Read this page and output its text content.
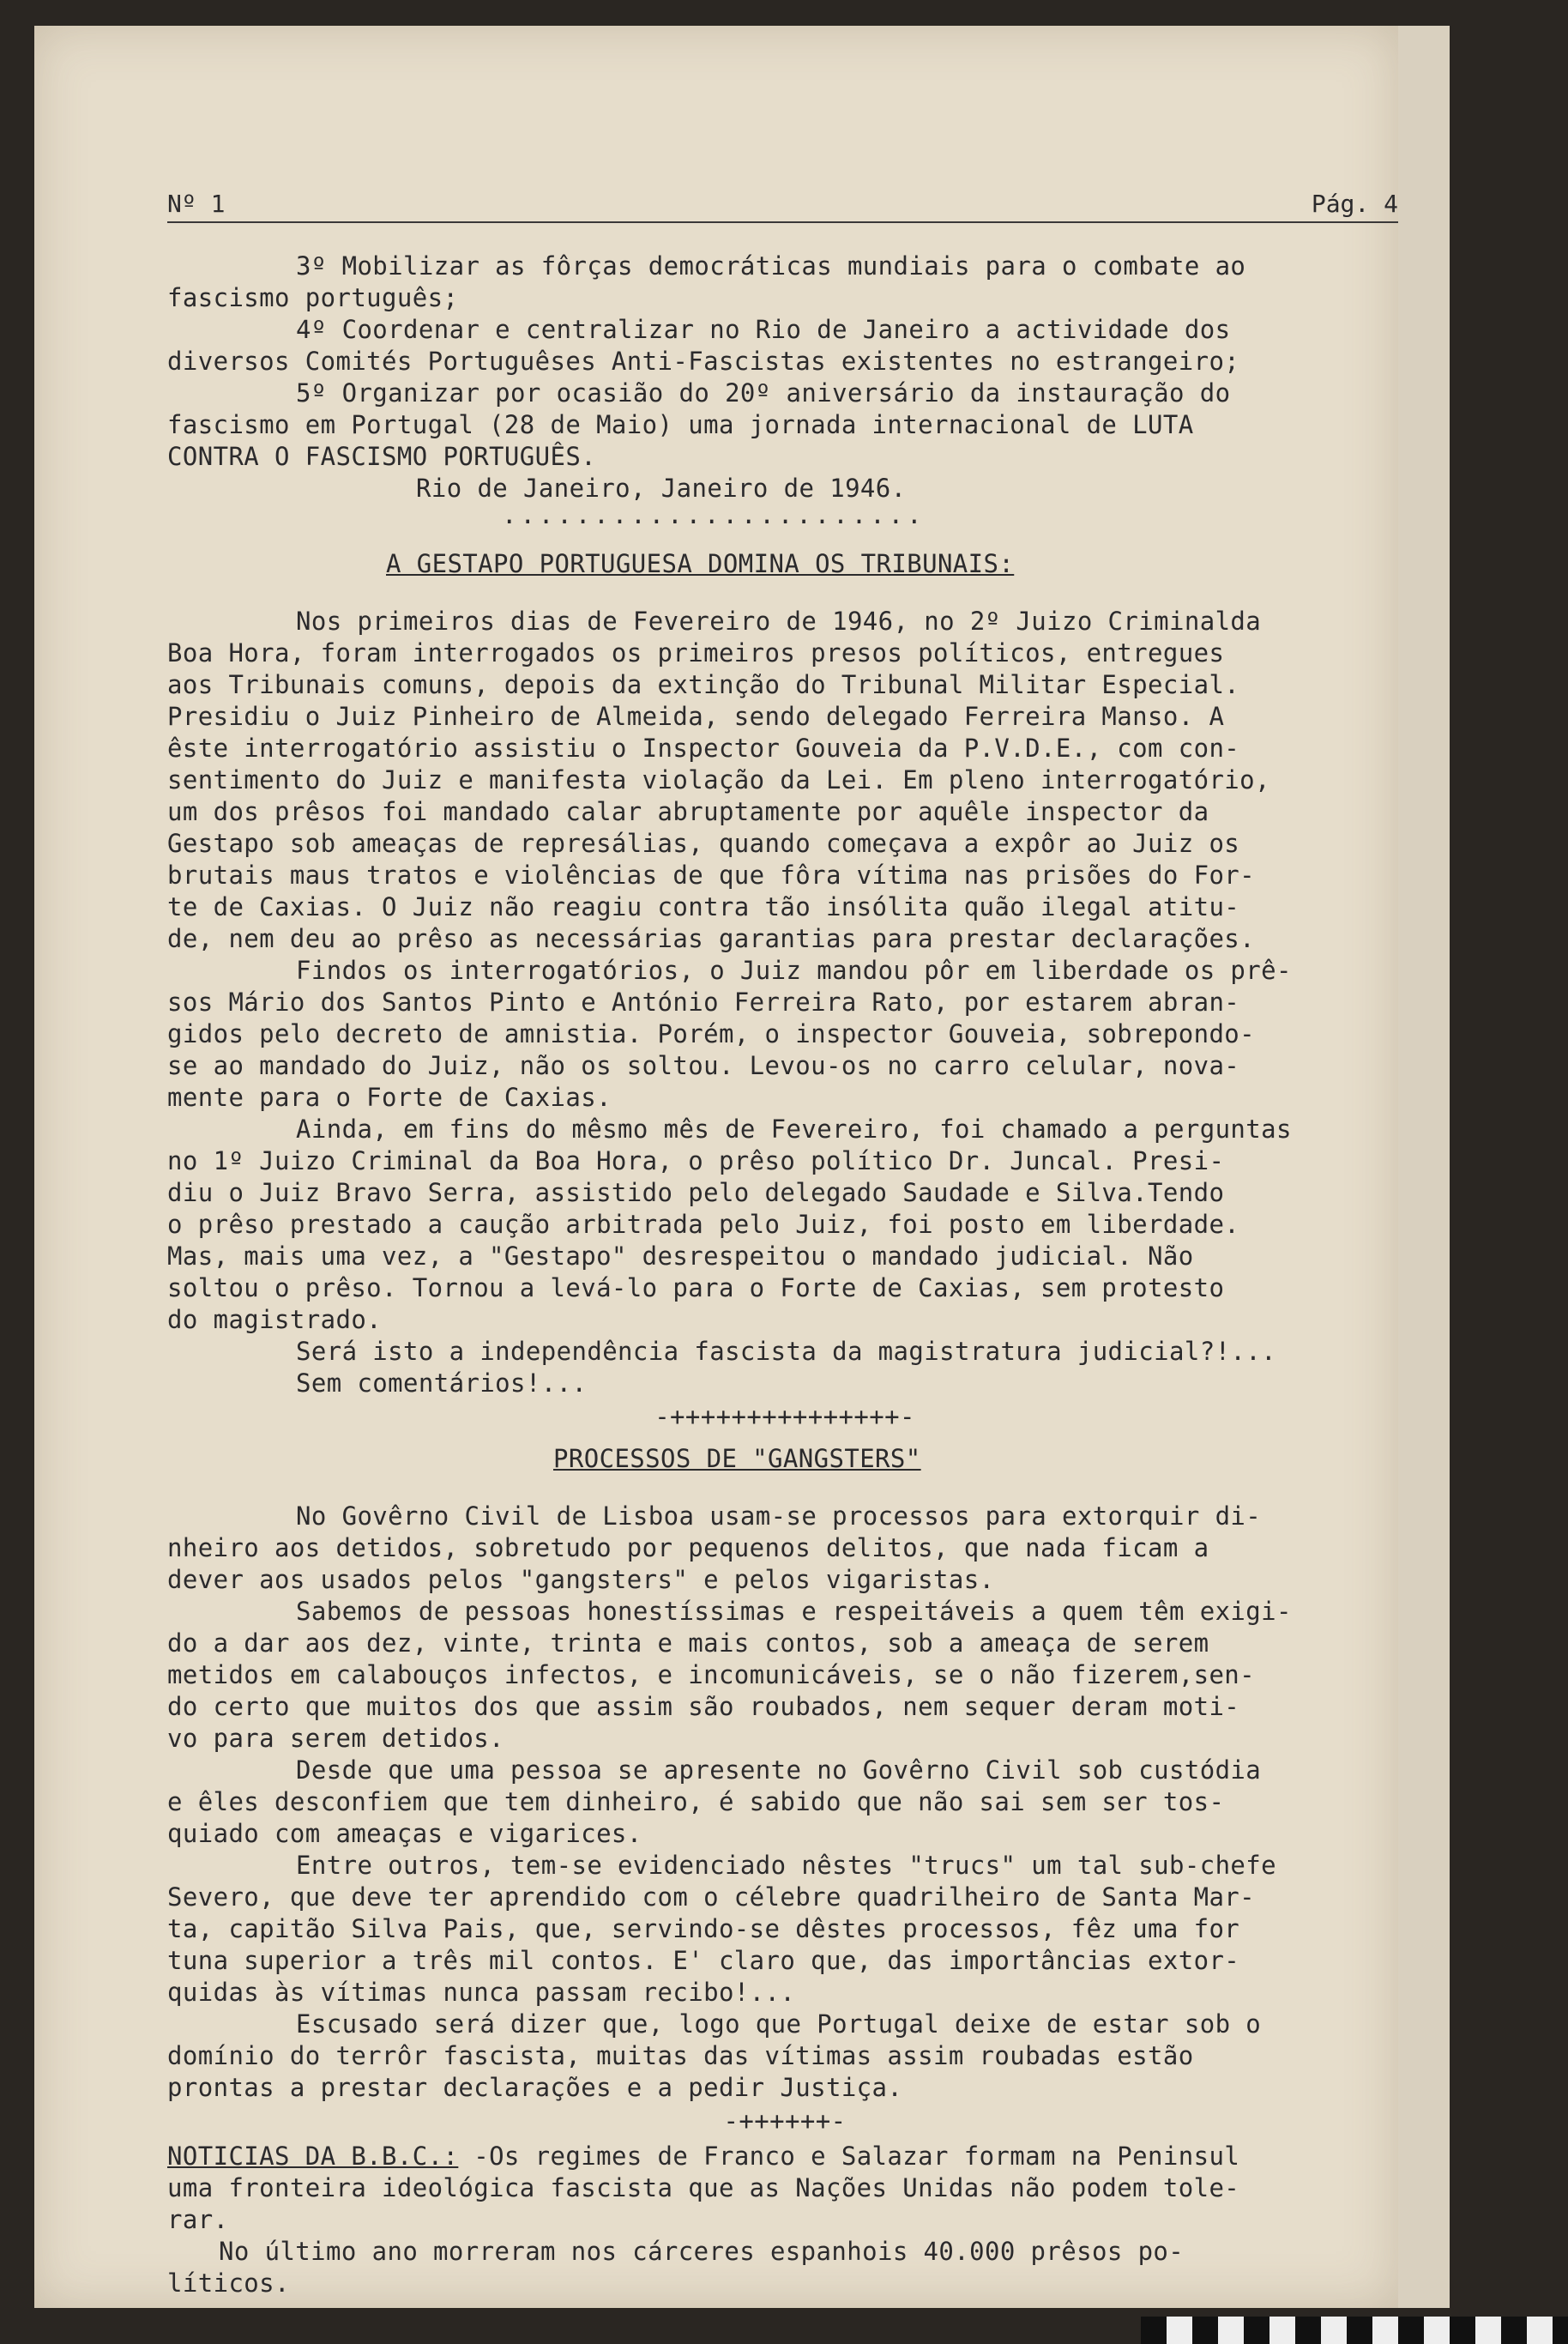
Nº 1	Pág. 4

3º Mobilizar as fôrças democráticas mundiais para o combate ao

fascismo português;

4º Coordenar e centralizar no Rio de Janeiro a actividade dos

diversos Comités Portuguêses Anti-Fascistas existentes no estrangeiro;

5º Organizar por ocasião do 20º aniversário da instauração do

fascismo em Portugal (28 de Maio) uma jornada internacional de LUTA

CONTRA O FASCISMO PORTUGUÊS.

Rio de Janeiro, Janeiro de 1946.

·······················

A GESTAPO PORTUGUESA DOMINA OS TRIBUNAIS:

Nos primeiros dias de Fevereiro de 1946, no 2º Juizo Criminalda

Boa Hora, foram interrogados os primeiros presos políticos, entregues

aos Tribunais comuns, depois da extinção do Tribunal Militar Especial.

Presidiu o Juiz Pinheiro de Almeida, sendo delegado Ferreira Manso. A

êste interrogatório assistiu o Inspector Gouveia da P.V.D.E., com con-

sentimento do Juiz e manifesta violação da Lei. Em pleno interrogatório,

um dos prêsos foi mandado calar abruptamente por aquêle inspector da

Gestapo sob ameaças de represálias, quando começava a expôr ao Juiz os

brutais maus tratos e violências de que fôra vítima nas prisões do For-

te de Caxias. O Juiz não reagiu contra tão insólita quão ilegal atitu-

de, nem deu ao prêso as necessárias garantias para prestar declarações.

Findos os interrogatórios, o Juiz mandou pôr em liberdade os prê-

sos Mário dos Santos Pinto e António Ferreira Rato, por estarem abran-

gidos pelo decreto de amnistia. Porém, o inspector Gouveia, sobrepondo-

se ao mandado do Juiz, não os soltou. Levou-os no carro celular, nova-

mente para o Forte de Caxias.

Ainda, em fins do mêsmo mês de Fevereiro, foi chamado a perguntas

no 1º Juizo Criminal da Boa Hora, o prêso político Dr. Juncal. Presi-

diu o Juiz Bravo Serra, assistido pelo delegado Saudade e Silva.Tendo

o prêso prestado a caução arbitrada pelo Juiz, foi posto em liberdade.

Mas, mais uma vez, a "Gestapo" desrespeitou o mandado judicial. Não

soltou o prêso. Tornou a levá-lo para o Forte de Caxias, sem protesto

do magistrado.

Será isto a independência fascista da magistratura judicial?!...

Sem comentários!...

-+++++++++++++++-

PROCESSOS DE "GANGSTERS"

No Govêrno Civil de Lisboa usam-se processos para extorquir di-

nheiro aos detidos, sobretudo por pequenos delitos, que nada ficam a

dever aos usados pelos "gangsters" e pelos vigaristas.

Sabemos de pessoas honestíssimas e respeitáveis a quem têm exigi-

do a dar aos dez, vinte, trinta e mais contos, sob a ameaça de serem

metidos em calabouços infectos, e incomunicáveis, se o não fizerem,sen-

do certo que muitos dos que assim são roubados, nem sequer deram moti-

vo para serem detidos.

Desde que uma pessoa se apresente no Govêrno Civil sob custódia

e êles desconfiem que tem dinheiro, é sabido que não sai sem ser tos-

quiado com ameaças e vigarices.

Entre outros, tem-se evidenciado nêstes "trucs" um tal sub-chefe

Severo, que deve ter aprendido com o célebre quadrilheiro de Santa Mar-

ta, capitão Silva Pais, que, servindo-se dêstes processos, fêz uma for

tuna superior a três mil contos. E' claro que, das importâncias extor-

quidas às vítimas nunca passam recibo!...

Escusado será dizer que, logo que Portugal deixe de estar sob o

domínio do terrôr fascista, muitas das vítimas assim roubadas estão

prontas a prestar declarações e a pedir Justiça.

-++++++-

NOTICIAS DA B.B.C.: -Os regimes de Franco e Salazar formam na Peninsul

uma fronteira ideológica fascista que as Nações Unidas não podem tole-

rar.

No último ano morreram nos cárceres espanhois 40.000 prêsos po-

líticos.
